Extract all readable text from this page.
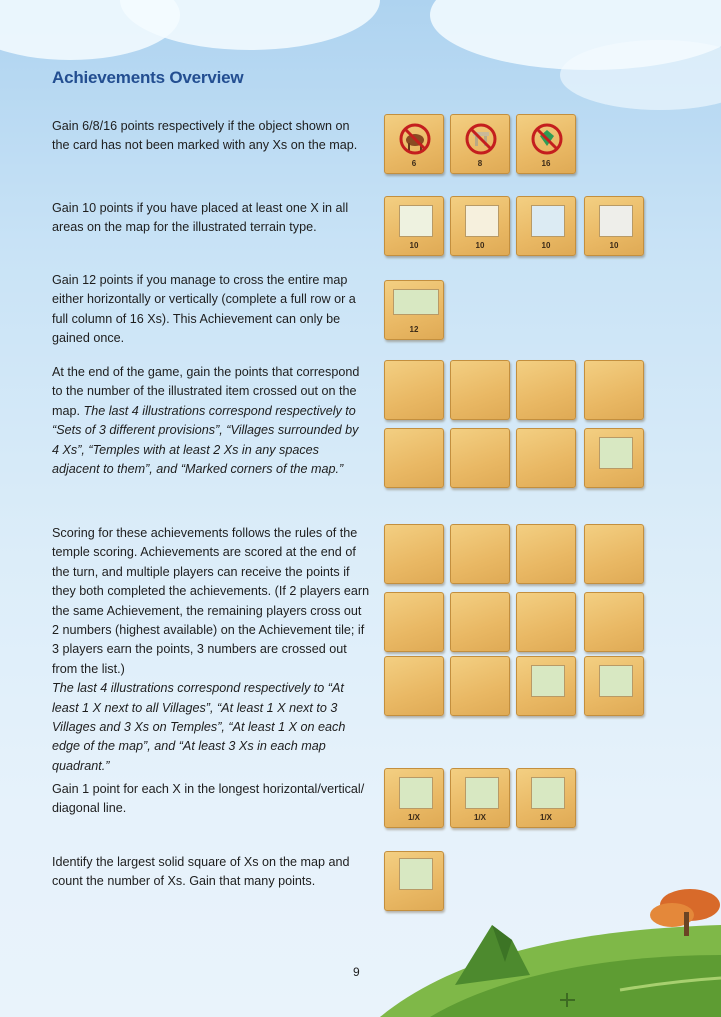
Achievements Overview

Gain 6/8/16 points respectively if the object shown on the card has not been marked with any Xs on the map.

6	8	16

Gain 10 points if you have placed at least one X in all areas on the map for the illustrated terrain type.

10	10	10	10

Gain 12 points if you manage to cross the entire map either horizontally or vertically (complete a full row or a full column of 16 Xs). This Achievement can only be gained once.

12

At the end of the game, gain the points that correspond to the number of the illustrated item crossed out on the map. The last 4 illustrations correspond respectively to “Sets of 3 different provisions”, “Villages surrounded by 4 Xs”, “Temples with at least 2 Xs in any spaces adjacent to them”, and “Marked corners of the map.”

Scoring for these achievements follows the rules of the temple scoring. Achievements are scored at the end of the turn, and multiple players can receive the points if they both completed the achievements. (If 2 players earn the same Achievement, the remaining players cross out 2 numbers (highest available) on the Achievement tile; if 3 players earn the points, 3 numbers are crossed out from the list.)
The last 4 illustrations correspond respectively to “At least 1 X next to all Villages”, “At least 1 X next to 3 Villages and 3 Xs on Temples”, “At least 1 X on each edge of the map”, and “At least 3 Xs in each map quadrant.”

Gain 1 point for each X in the longest horizontal/vertical/ diagonal line.

1/X	1/X	1/X

Identify the largest solid square of Xs on the map and count the number of Xs. Gain that many points.

9
